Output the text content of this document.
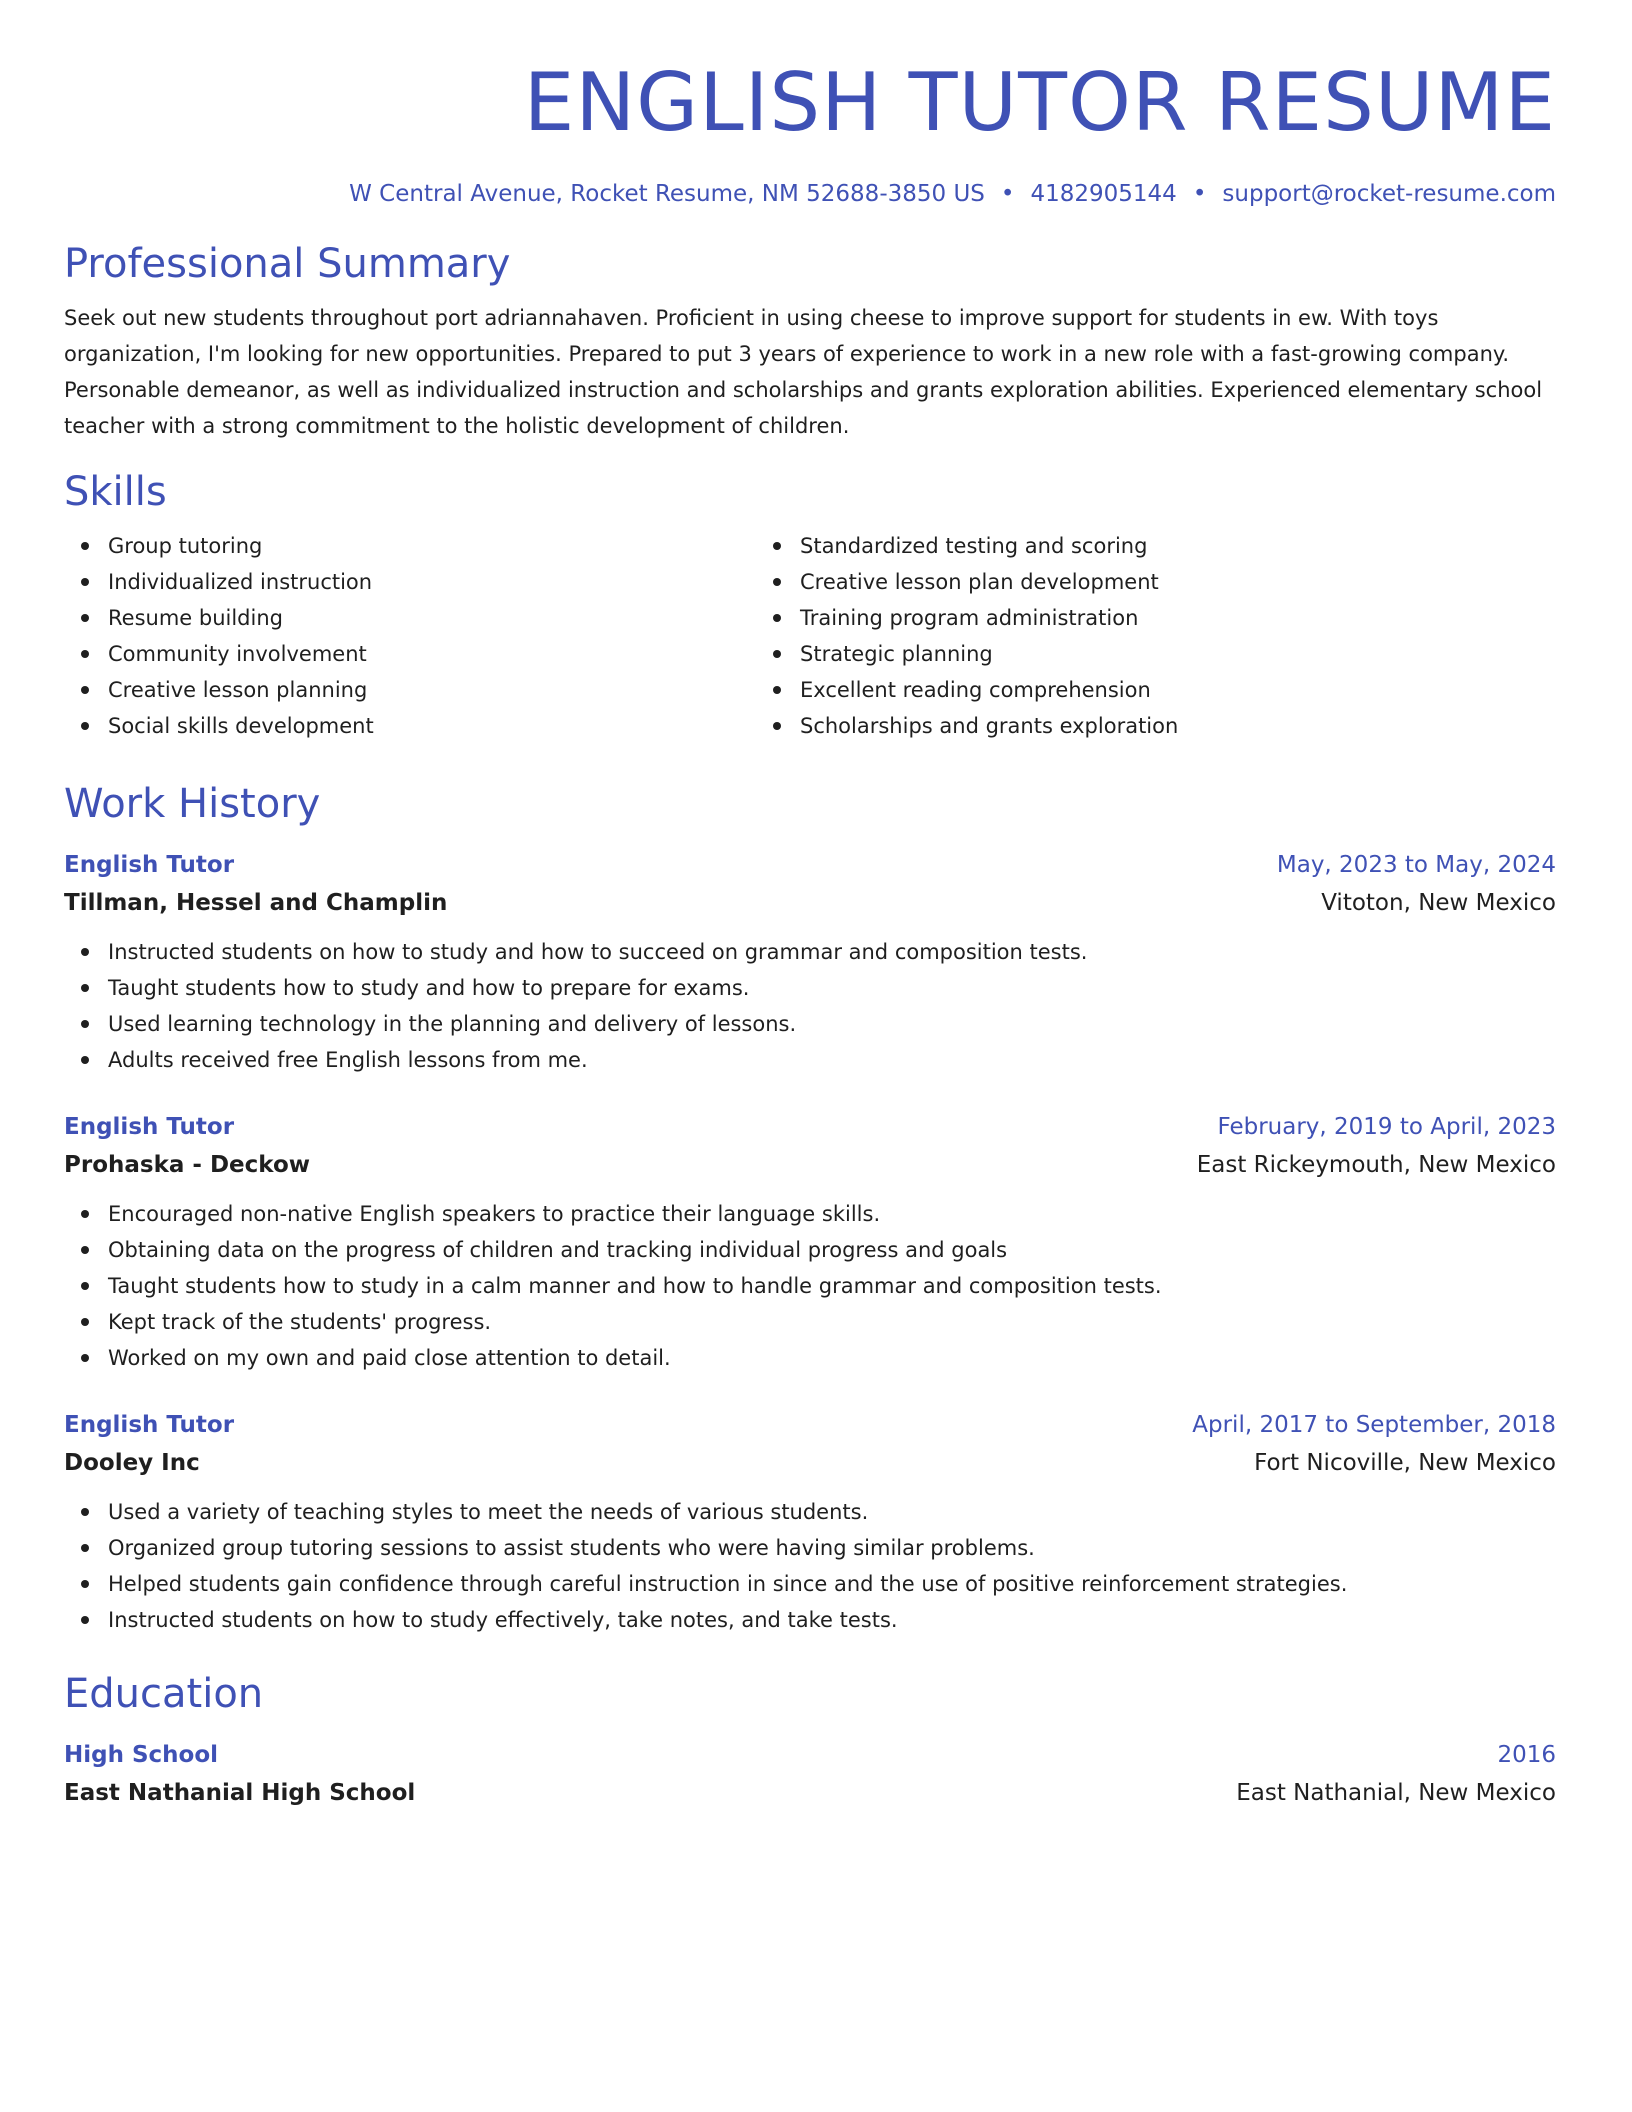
ENGLISH TUTOR RESUME
W Central Avenue, Rocket Resume, NM 52688-3850 US • 4182905144 • support@rocket-resume.com
Professional Summary
Seek out new students throughout port adriannahaven. Proficient in using cheese to improve support for students in ew. With toys organization, I'm looking for new opportunities. Prepared to put 3 years of experience to work in a new role with a fast-growing company. Personable demeanor, as well as individualized instruction and scholarships and grants exploration abilities. Experienced elementary school teacher with a strong commitment to the holistic development of children.
Skills
Group tutoring
Individualized instruction
Resume building
Community involvement
Creative lesson planning
Social skills development
Standardized testing and scoring
Creative lesson plan development
Training program administration
Strategic planning
Excellent reading comprehension
Scholarships and grants exploration
Work History
English Tutor	May, 2023 to May, 2024
Tillman, Hessel and Champlin	Vitoton, New Mexico
Instructed students on how to study and how to succeed on grammar and composition tests.
Taught students how to study and how to prepare for exams.
Used learning technology in the planning and delivery of lessons.
Adults received free English lessons from me.
English Tutor	February, 2019 to April, 2023
Prohaska - Deckow	East Rickeymouth, New Mexico
Encouraged non-native English speakers to practice their language skills.
Obtaining data on the progress of children and tracking individual progress and goals
Taught students how to study in a calm manner and how to handle grammar and composition tests.
Kept track of the students' progress.
Worked on my own and paid close attention to detail.
English Tutor	April, 2017 to September, 2018
Dooley Inc	Fort Nicoville, New Mexico
Used a variety of teaching styles to meet the needs of various students.
Organized group tutoring sessions to assist students who were having similar problems.
Helped students gain confidence through careful instruction in since and the use of positive reinforcement strategies.
Instructed students on how to study effectively, take notes, and take tests.
Education
High School	2016
East Nathanial High School	East Nathanial, New Mexico
